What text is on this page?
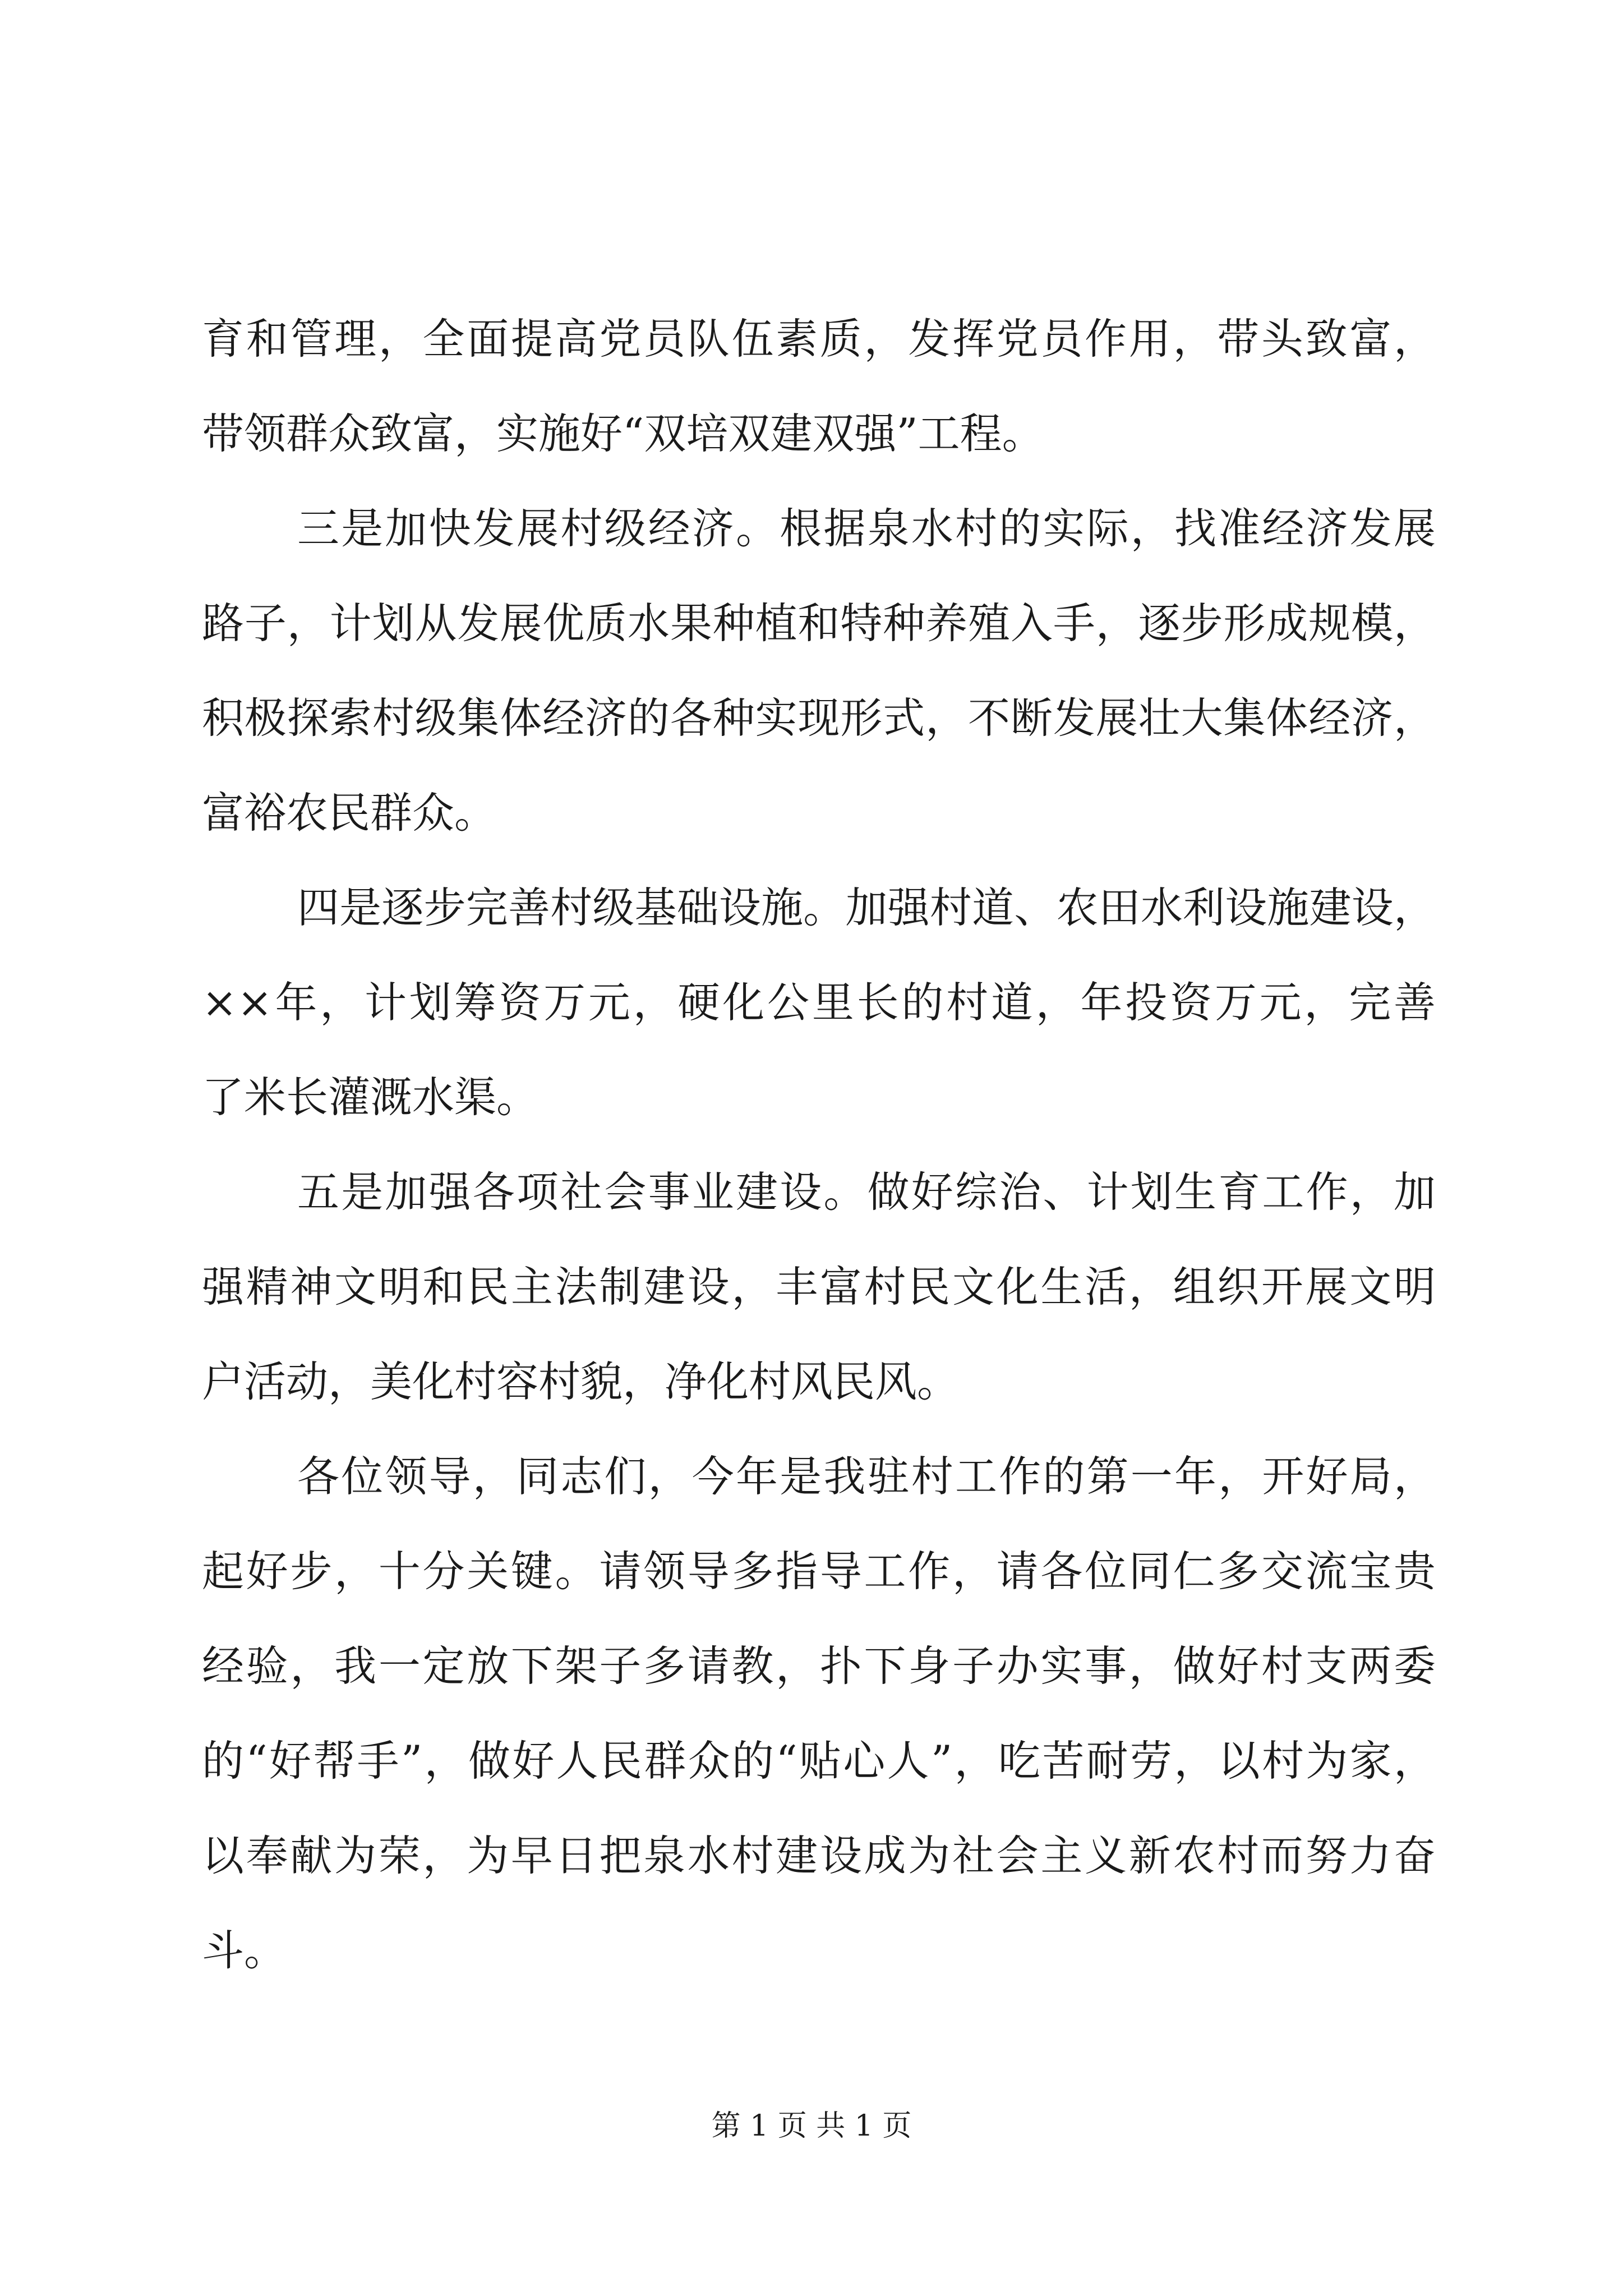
育和管理，全面提高党员队伍素质，发挥党员作用，带头致富，
带领群众致富，实施好“双培双建双强”工程。
三是加快发展村级经济。根据泉水村的实际，找准经济发展
路子，计划从发展优质水果种植和特种养殖入手，逐步形成规模，
积极探索村级集体经济的各种实现形式，不断发展壮大集体经济，
富裕农民群众。
四是逐步完善村级基础设施。加强村道、农田水利设施建设，
××年，计划筹资万元，硬化公里长的村道，年投资万元，完善
了米长灌溉水渠。
五是加强各项社会事业建设。做好综治、计划生育工作，加
强精神文明和民主法制建设，丰富村民文化生活，组织开展文明
户活动，美化村容村貌，净化村风民风。
各位领导，同志们，今年是我驻村工作的第一年，开好局，
起好步，十分关键。请领导多指导工作，请各位同仁多交流宝贵
经验，我一定放下架子多请教，扑下身子办实事，做好村支两委
的“好帮手”，做好人民群众的“贴心人”，吃苦耐劳，以村为家，
以奉献为荣，为早日把泉水村建设成为社会主义新农村而努力奋
斗。
第 1 页 共 1 页
